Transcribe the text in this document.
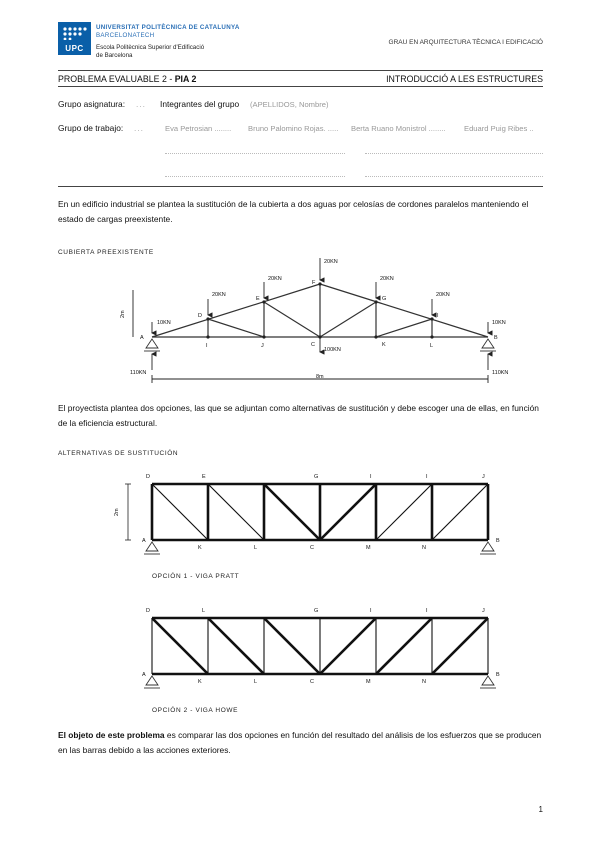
UPC
UNIVERSITAT POLITÈCNICA DE CATALUNYA
BARCELONATECH
Escola Politècnica Superior d'Edificació
de Barcelona
GRAU EN ARQUITECTURA TÈCNICA I EDIFICACIÓ
PROBLEMA EVALUABLE 2 - PIA 2	INTRODUCCIÓ A LES ESTRUCTURES
Grupo asignatura: ... Integrantes del grupo (APELLIDOS, Nombre)
Grupo de trabajo: ...	Eva Petrosian ........ Bruno Palomino Rojas. ..... Berta Ruano Monistrol ........ Eduard Puig Ribes ..
En un edificio industrial se plantea la sustitución de la cubierta a dos aguas por celosías de cordones paralelos manteniendo el estado de cargas preexistente.
CUBIERTA PREEXISTENTE
10KN
20KN
20KN
20KN
20KN
20KN
10KN
100KN
110KN	110KN
8m
2m	D
E
F
G
I
A
I	J	C	K	L
B
El proyectista plantea dos opciones, las que se adjuntan como alternativas de sustitución y debe escoger una de ellas, en función de la eficiencia estructural.
ALTERNATIVAS DE SUSTITUCIÓN
2m
D	E	G	I	I	J
A
K	L	C	M	N
B
D	L	G	I	I	J
A
K	L	C	M	N
B
OPCIÓN 1 - VIGA PRATT
OPCIÓN 2 - VIGA HOWE
El objeto de este problema es comparar las dos opciones en función del resultado del análisis de los esfuerzos que se producen en las barras debido a las acciones exteriores.
1
